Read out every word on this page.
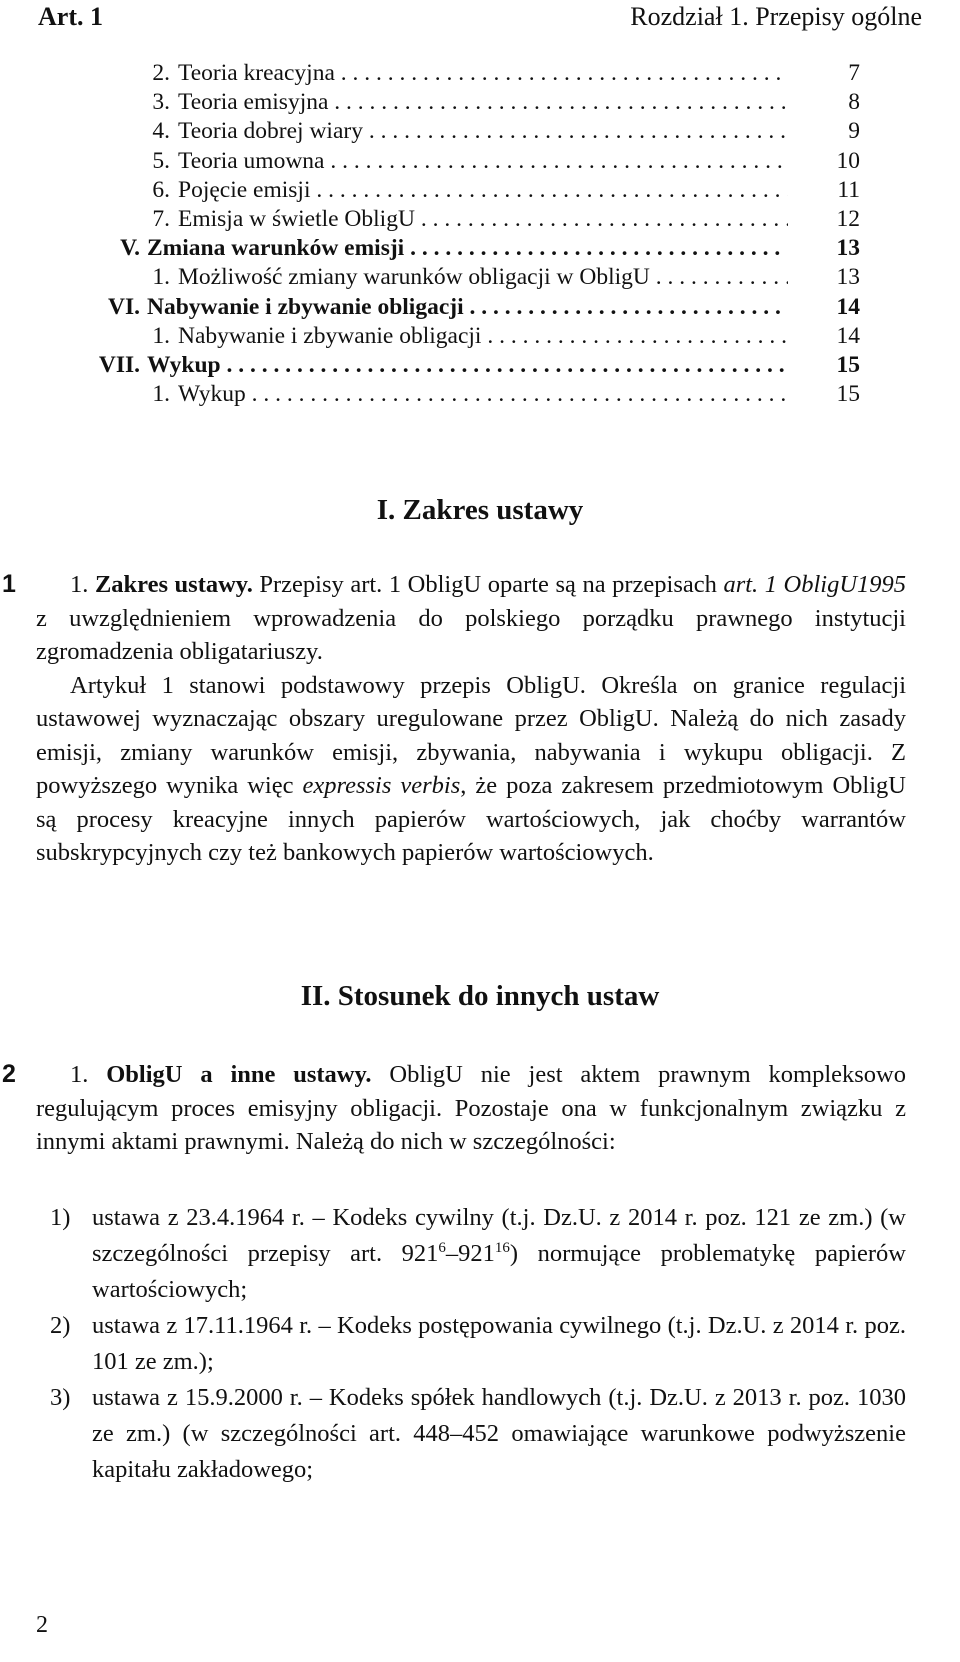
Art. 1	Rozdział 1. Przepisy ogólne
2. Teoria kreacyjna . . .	7
3. Teoria emisyjna . . .	8
4. Teoria dobrej wiary . . .	9
5. Teoria umowna . . .	10
6. Pojęcie emisji . . .	11
7. Emisja w świetle ObligU . . .	12
V. Zmiana warunków emisji . . .	13
1. Możliwość zmiany warunków obligacji w ObligU . . .	13
VI. Nabywanie i zbywanie obligacji . . .	14
1. Nabywanie i zbywanie obligacji . . .	14
VII. Wykup . . .	15
1. Wykup . . .	15
I. Zakres ustawy
1	1. Zakres ustawy. Przepisy art. 1 ObligU oparte są na przepisach art. 1 ObligU1995 z uwzględnieniem wprowadzenia do polskiego porządku prawnego instytucji zgromadzenia obligatariuszy.

Artykuł 1 stanowi podstawowy przepis ObligU. Określa on granice regulacji ustawowej wyznaczając obszary uregulowane przez ObligU. Należą do nich zasady emisji, zmiany warunków emisji, zbywania, nabywania i wykupu obligacji. Z powyższego wynika więc expressis verbis, że poza zakresem przedmiotowym ObligU są procesy kreacyjne innych papierów wartościowych, jak choćby warrantów subskrypcyjnych czy też bankowych papierów wartościowych.

II. Stosunek do innych ustaw
2	1. ObligU a inne ustawy. ObligU nie jest aktem prawnym kompleksowo regulującym proces emisyjny obligacji. Pozostaje ona w funkcjonalnym związku z innymi aktami prawnymi. Należą do nich w szczególności:

1) ustawa z 23.4.1964 r. – Kodeks cywilny (t.j. Dz.U. z 2014 r. poz. 121 ze zm.) (w szczególności przepisy art. $921^6-921^{16}$) normujące problematykę papierów wartościowych;
2) ustawa z 17.11.1964 r. – Kodeks postępowania cywilnego (t.j. Dz.U. z 2014 r. poz. 101 ze zm.);
3) ustawa z 15.9.2000 r. – Kodeks spółek handlowych (t.j. Dz.U. z 2013 r. poz. 1030 ze zm.) (w szczególności art. 448–452 omawiające warunkowe podwyższenie kapitału zakładowego;
2
